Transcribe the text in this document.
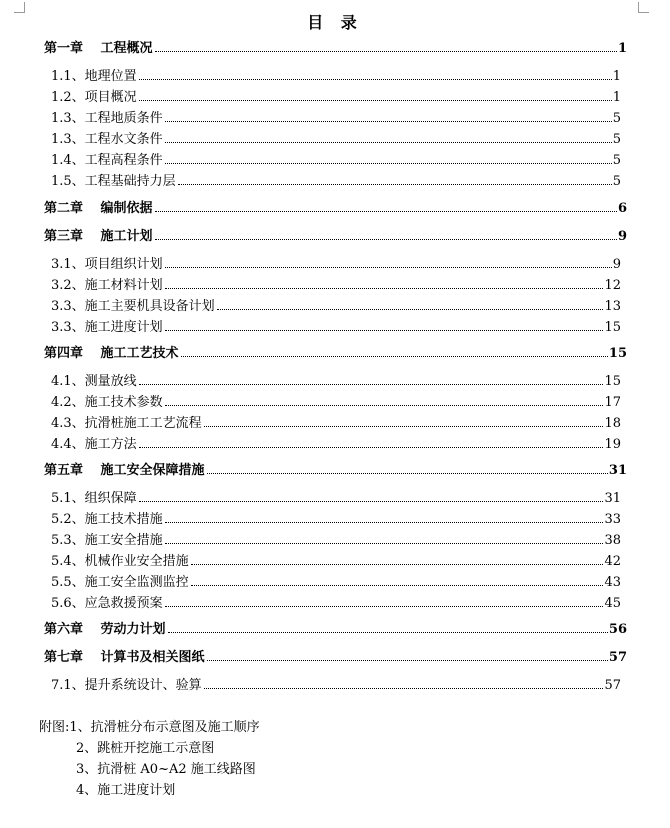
目 录
第一章　 工程概况	1
1.1、地理位置	1
1.2、项目概况	1
1.3、工程地质条件	5
1.3、工程水文条件	5
1.4、工程高程条件	5
1.5、工程基础持力层	5
第二章　 编制依据	6
第三章　 施工计划	9
3.1、项目组织计划	9
3.2、施工材料计划	12
3.3、施工主要机具设备计划	13
3.3、施工进度计划	15
第四章　 施工工艺技术	15
4.1、测量放线	15
4.2、施工技术参数	17
4.3、抗滑桩施工工艺流程	18
4.4、施工方法	19
第五章　 施工安全保障措施	31
5.1、组织保障	31
5.2、施工技术措施	33
5.3、施工安全措施	38
5.4、机械作业安全措施	42
5.5、施工安全监测监控	43
5.6、应急救援预案	45
第六章　 劳动力计划	56
第七章　 计算书及相关图纸	57
7.1、提升系统设计、验算	57
附图:1、抗滑桩分布示意图及施工顺序
2、跳桩开挖施工示意图
3、抗滑桩 A0~A2 施工线路图
4、施工进度计划
